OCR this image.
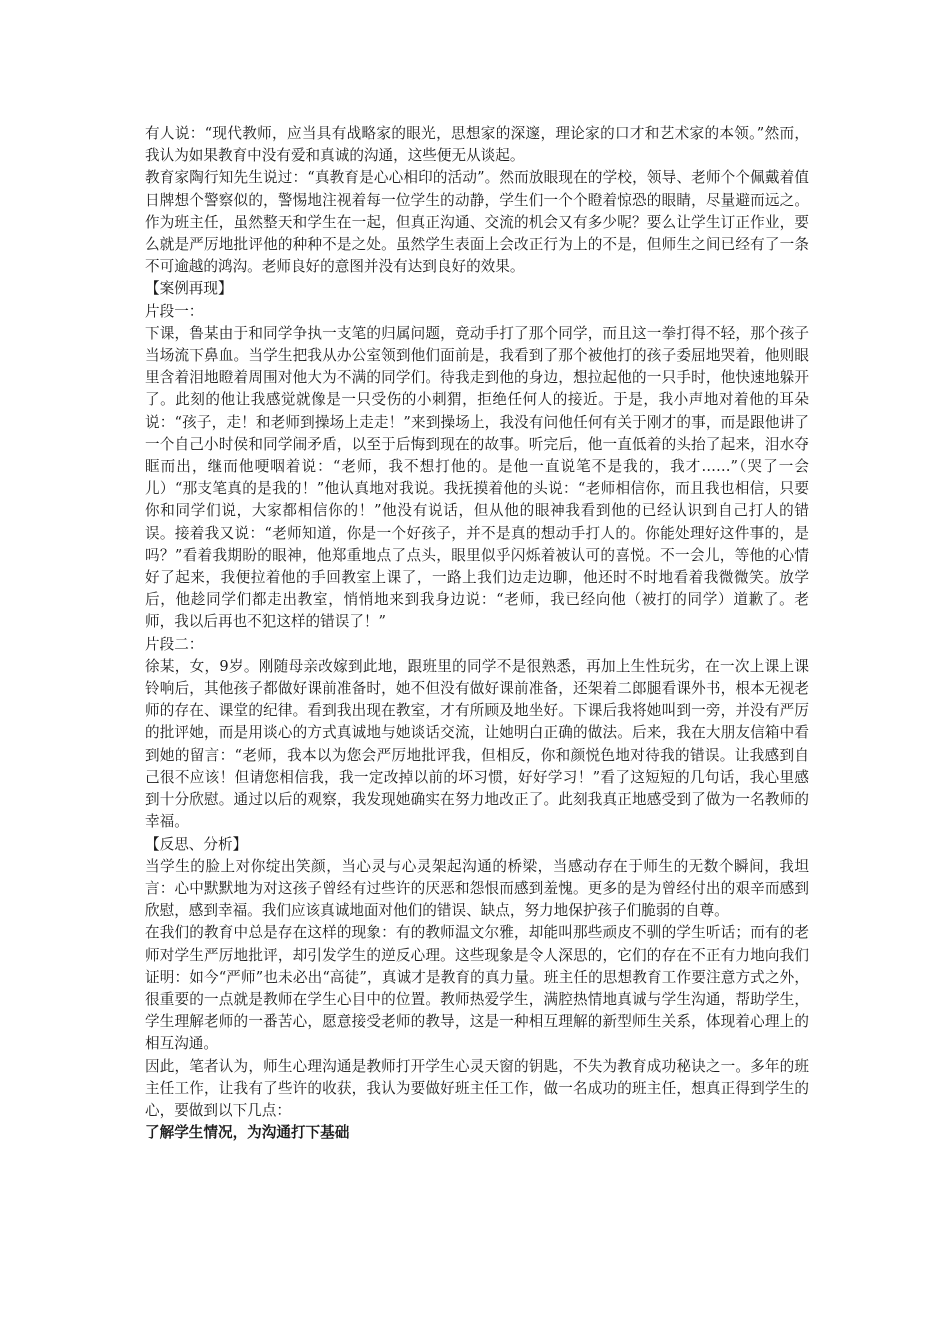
有人说：“现代教师，应当具有战略家的眼光，思想家的深邃，理论家的口才和艺术家的本领。”然而，我认为如果教育中没有爱和真诚的沟通，这些便无从谈起。

教育家陶行知先生说过：“真教育是心心相印的活动”。然而放眼现在的学校，领导、老师个个佩戴着值日牌想个警察似的，警惕地注视着每一位学生的动静，学生们一个个瞪着惊恐的眼睛，尽量避而远之。作为班主任，虽然整天和学生在一起，但真正沟通、交流的机会又有多少呢？要么让学生订正作业，要么就是严厉地批评他的种种不是之处。虽然学生表面上会改正行为上的不是，但师生之间已经有了一条不可逾越的鸿沟。老师良好的意图并没有达到良好的效果。

【案例再现】

片段一：

下课，鲁某由于和同学争执一支笔的归属问题，竟动手打了那个同学，而且这一拳打得不轻，那个孩子当场流下鼻血。当学生把我从办公室领到他们面前是，我看到了那个被他打的孩子委屈地哭着，他则眼里含着泪地瞪着周围对他大为不满的同学们。待我走到他的身边，想拉起他的一只手时，他快速地躲开了。此刻的他让我感觉就像是一只受伤的小刺猬，拒绝任何人的接近。于是，我小声地对着他的耳朵说：“孩子，走！和老师到操场上走走！”来到操场上，我没有问他任何有关于刚才的事，而是跟他讲了一个自己小时侯和同学闹矛盾，以至于后悔到现在的故事。听完后，他一直低着的头抬了起来，泪水夺眶而出，继而他哽咽着说：“老师，我不想打他的。是他一直说笔不是我的，我才……”（哭了一会儿）“那支笔真的是我的！”他认真地对我说。我抚摸着他的头说：“老师相信你，而且我也相信，只要你和同学们说，大家都相信你的！”他没有说话，但从他的眼神我看到他的已经认识到自己打人的错误。接着我又说：“老师知道，你是一个好孩子，并不是真的想动手打人的。你能处理好这件事的，是吗？”看着我期盼的眼神，他郑重地点了点头，眼里似乎闪烁着被认可的喜悦。不一会儿，等他的心情好了起来，我便拉着他的手回教室上课了，一路上我们边走边聊，他还时不时地看着我微微笑。放学后，他趁同学们都走出教室，悄悄地来到我身边说：“老师，我已经向他（被打的同学）道歉了。老师，我以后再也不犯这样的错误了！”

片段二：

徐某，女，9岁。刚随母亲改嫁到此地，跟班里的同学不是很熟悉，再加上生性玩劣，在一次上课上课铃响后，其他孩子都做好课前准备时，她不但没有做好课前准备，还架着二郎腿看课外书，根本无视老师的存在、课堂的纪律。看到我出现在教室，才有所顾及地坐好。下课后我将她叫到一旁，并没有严厉的批评她，而是用谈心的方式真诚地与她谈话交流，让她明白正确的做法。后来，我在大朋友信箱中看到她的留言：“老师，我本以为您会严厉地批评我，但相反，你和颜悦色地对待我的错误。让我感到自己很不应该！但请您相信我，我一定改掉以前的坏习惯，好好学习！”看了这短短的几句话，我心里感到十分欣慰。通过以后的观察，我发现她确实在努力地改正了。此刻我真正地感受到了做为一名教师的幸福。

【反思、分析】

当学生的脸上对你绽出笑颜，当心灵与心灵架起沟通的桥梁，当感动存在于师生的无数个瞬间，我坦言：心中默默地为对这孩子曾经有过些许的厌恶和怨恨而感到羞愧。更多的是为曾经付出的艰辛而感到欣慰，感到幸福。我们应该真诚地面对他们的错误、缺点，努力地保护孩子们脆弱的自尊。

在我们的教育中总是存在这样的现象：有的教师温文尔雅，却能叫那些顽皮不驯的学生听话；而有的老师对学生严厉地批评，却引发学生的逆反心理。这些现象是令人深思的，它们的存在不正有力地向我们证明：如今“严师”也未必出“高徒”，真诚才是教育的真力量。班主任的思想教育工作要注意方式之外，很重要的一点就是教师在学生心目中的位置。教师热爱学生，满腔热情地真诚与学生沟通，帮助学生，学生理解老师的一番苦心，愿意接受老师的教导，这是一种相互理解的新型师生关系，体现着心理上的相互沟通。

因此，笔者认为，师生心理沟通是教师打开学生心灵天窗的钥匙，不失为教育成功秘诀之一。多年的班主任工作，让我有了些许的收获，我认为要做好班主任工作，做一名成功的班主任，想真正得到学生的心，要做到以下几点：

了解学生情况，为沟通打下基础
